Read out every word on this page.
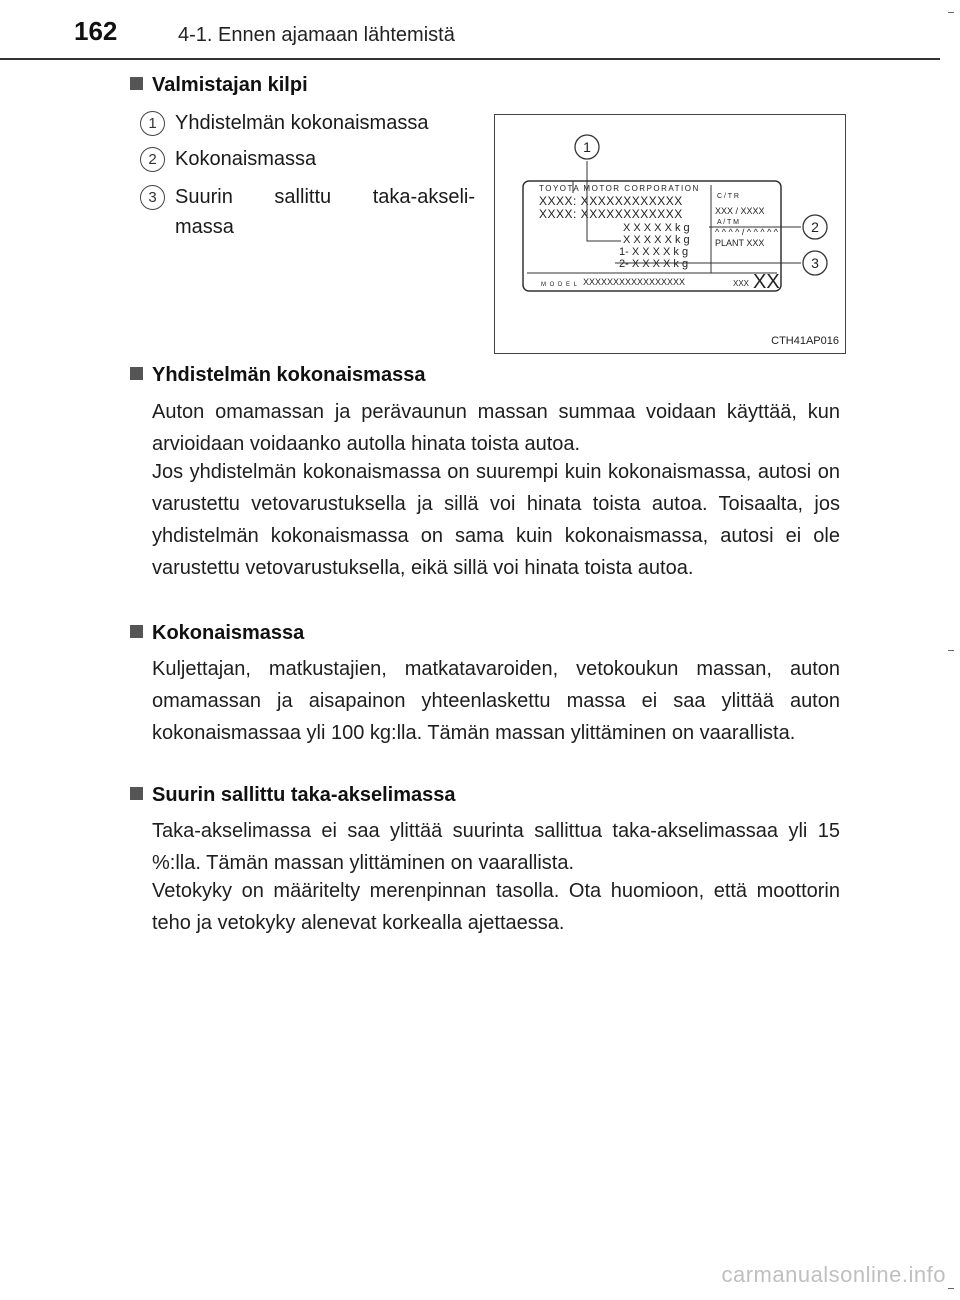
162	4-1. Ennen ajamaan lähtemistä
Valmistajan kilpi
1 Yhdistelmän kokonaismassa
2 Kokonaismassa
3 Suurin sallittu taka-akseli-
massa
TOYOTA MOTOR CORPORATION
XXXX: XXXXXXXXXXXX
XXXX: XXXXXXXXXXXX
C / T R
XXX / XXXX
A / T M
X X X X X k g
X X X X X k g
1- X X X X k g
2- X X X X k g
^ ^ ^ ^ / ^ ^ ^ ^ ^
PLANT XXX
M O D E L XXXXXXXXXXXXXXXXX	XXX XX
1
2
3
CTH41AP016
Yhdistelmän kokonaismassa
Auton omamassan ja perävaunun massan summaa voidaan käyttää, kun arvioidaan voidaanko autolla hinata toista autoa.
Jos yhdistelmän kokonaismassa on suurempi kuin kokonaismassa, autosi on varustettu vetovarustuksella ja sillä voi hinata toista autoa. Toisaalta, jos yhdistelmän kokonaismassa on sama kuin kokonaismassa, autosi ei ole varustettu vetovarustuksella, eikä sillä voi hinata toista autoa.
Kokonaismassa
Kuljettajan, matkustajien, matkatavaroiden, vetokoukun massan, auton omamassan ja aisapainon yhteenlaskettu massa ei saa ylittää auton kokonaismassaa yli 100 kg:lla. Tämän massan ylittäminen on vaarallista.
Suurin sallittu taka-akselimassa
Taka-akselimassa ei saa ylittää suurinta sallittua taka-akselimassaa yli 15 %:lla. Tämän massan ylittäminen on vaarallista.
Vetokyky on määritelty merenpinnan tasolla. Ota huomioon, että moottorin teho ja vetokyky alenevat korkealla ajettaessa.
carmanualsonline.info
